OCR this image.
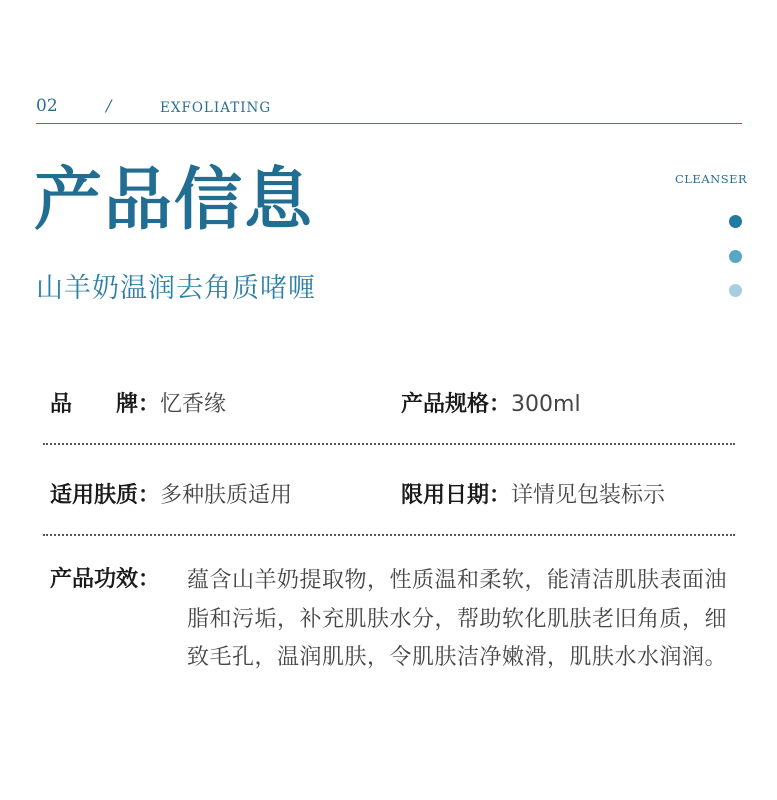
02	/	EXFOLIATING
产品信息
山羊奶温润去角质啫喱
CLEANSER
品　　牌：忆香缘	产品规格：300ml
适用肤质：多种肤质适用	限用日期：详情见包装标示
产品功效： 蕴含山羊奶提取物，性质温和柔软，能清洁肌肤表面油脂和污垢，补充肌肤水分，帮助软化肌肤老旧角质，细致毛孔，温润肌肤，令肌肤洁净嫩滑，肌肤水水润润。
